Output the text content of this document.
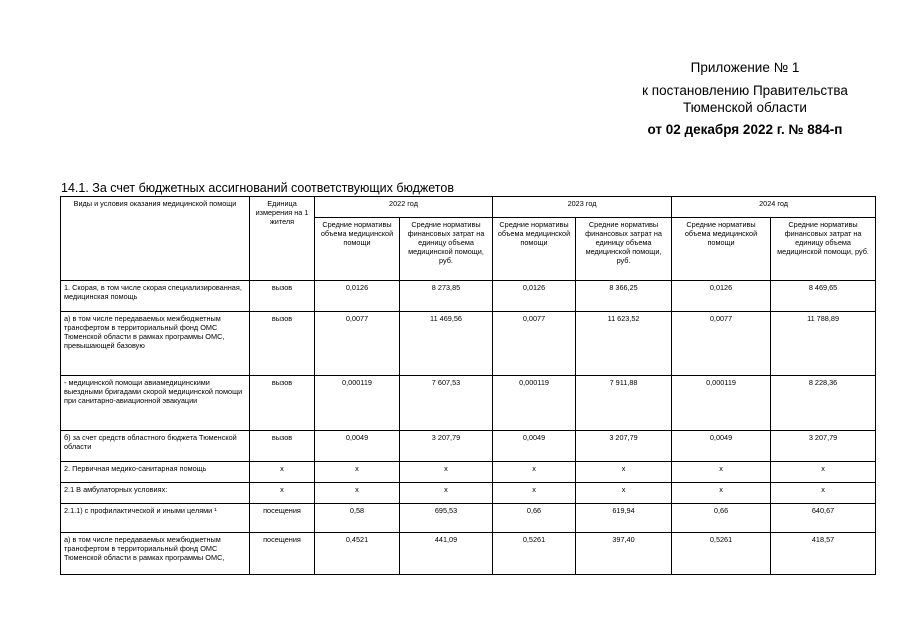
Приложение № 1
к постановлению Правительства
Тюменской области
от 02 декабря 2022 г. № 884-п
14.1. За счет бюджетных ассигнований соответствующих бюджетов
Виды и условия оказания медицинской помощи	Единица измерения на 1 жителя	2022 год		2023 год		2024 год	
		Средние нормативы объема медицинской помощи	Средние нормативы финансовых затрат на единицу объема медицинской помощи, руб.	Средние нормативы объема медицинской помощи	Средние нормативы финансовых затрат на единицу объема медицинской помощи, руб.	Средние нормативы объема медицинской помощи	Средние нормативы финансовых затрат на единицу объема медицинской помощи, руб.
1. Скорая, в том числе скорая специализированная, медицинская помощь	вызов	0,0126	8 273,85	0,0126	8 366,25	0,0126	8 469,65
а) в том числе передаваемых межбюджетным трансфертом в территориальный фонд ОМС Тюменской области в рамках программы ОМС, превышающей базовую	вызов	0,0077	11 469,56	0,0077	11 623,52	0,0077	11 788,89
- медицинской помощи авиамедицинскими выездными бригадами скорой медицинской помощи при санитарно-авиационной эвакуации	вызов	0,000119	7 607,53	0,000119	7 911,88	0,000119	8 228,36
б) за счет средств областного бюджета Тюменской области	вызов	0,0049	3 207,79	0,0049	3 207,79	0,0049	3 207,79
2. Первичная медико-санитарная помощь	x	x	x	x	x	x	x
2.1 В амбулаторных условиях:	x	x	x	x	x	x	x
2.1.1) с профилактической и иными целями ¹	посещения	0,58	695,53	0,66	619,94	0,66	640,67
а) в том числе передаваемых межбюджетным трансфертом в территориальный фонд ОМС Тюменской области в рамках программы ОМС,	посещения	0,4521	441,09	0,5261	397,40	0,5261	418,57
